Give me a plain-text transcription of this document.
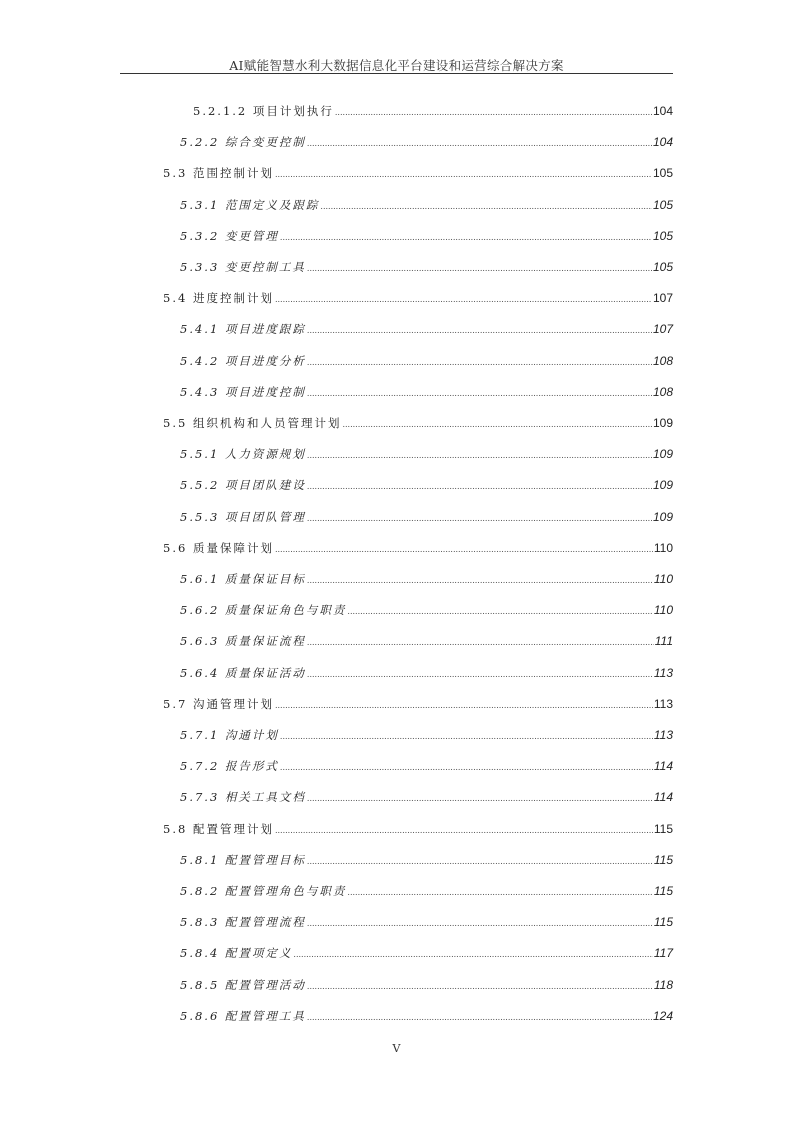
AI赋能智慧水利大数据信息化平台建设和运营综合解决方案
5.2.1.2 项目计划执行 .....	104
5.2.2 综合变更控制 .....	104
5.3 范围控制计划 .....	105
5.3.1 范围定义及跟踪 .....	105
5.3.2 变更管理 .....	105
5.3.3 变更控制工具 .....	105
5.4 进度控制计划 .....	107
5.4.1 项目进度跟踪 .....	107
5.4.2 项目进度分析 .....	108
5.4.3 项目进度控制 .....	108
5.5 组织机构和人员管理计划 .....	109
5.5.1 人力资源规划 .....	109
5.5.2 项目团队建设 .....	109
5.5.3 项目团队管理 .....	109
5.6 质量保障计划 .....	110
5.6.1 质量保证目标 .....	110
5.6.2 质量保证角色与职责 .....	110
5.6.3 质量保证流程 .....	111
5.6.4 质量保证活动 .....	113
5.7 沟通管理计划 .....	113
5.7.1 沟通计划 .....	113
5.7.2 报告形式 .....	114
5.7.3 相关工具文档 .....	114
5.8 配置管理计划 .....	115
5.8.1 配置管理目标 .....	115
5.8.2 配置管理角色与职责 .....	115
5.8.3 配置管理流程 .....	115
5.8.4 配置项定义 .....	117
5.8.5 配置管理活动 .....	118
5.8.6 配置管理工具 .....	124
V
